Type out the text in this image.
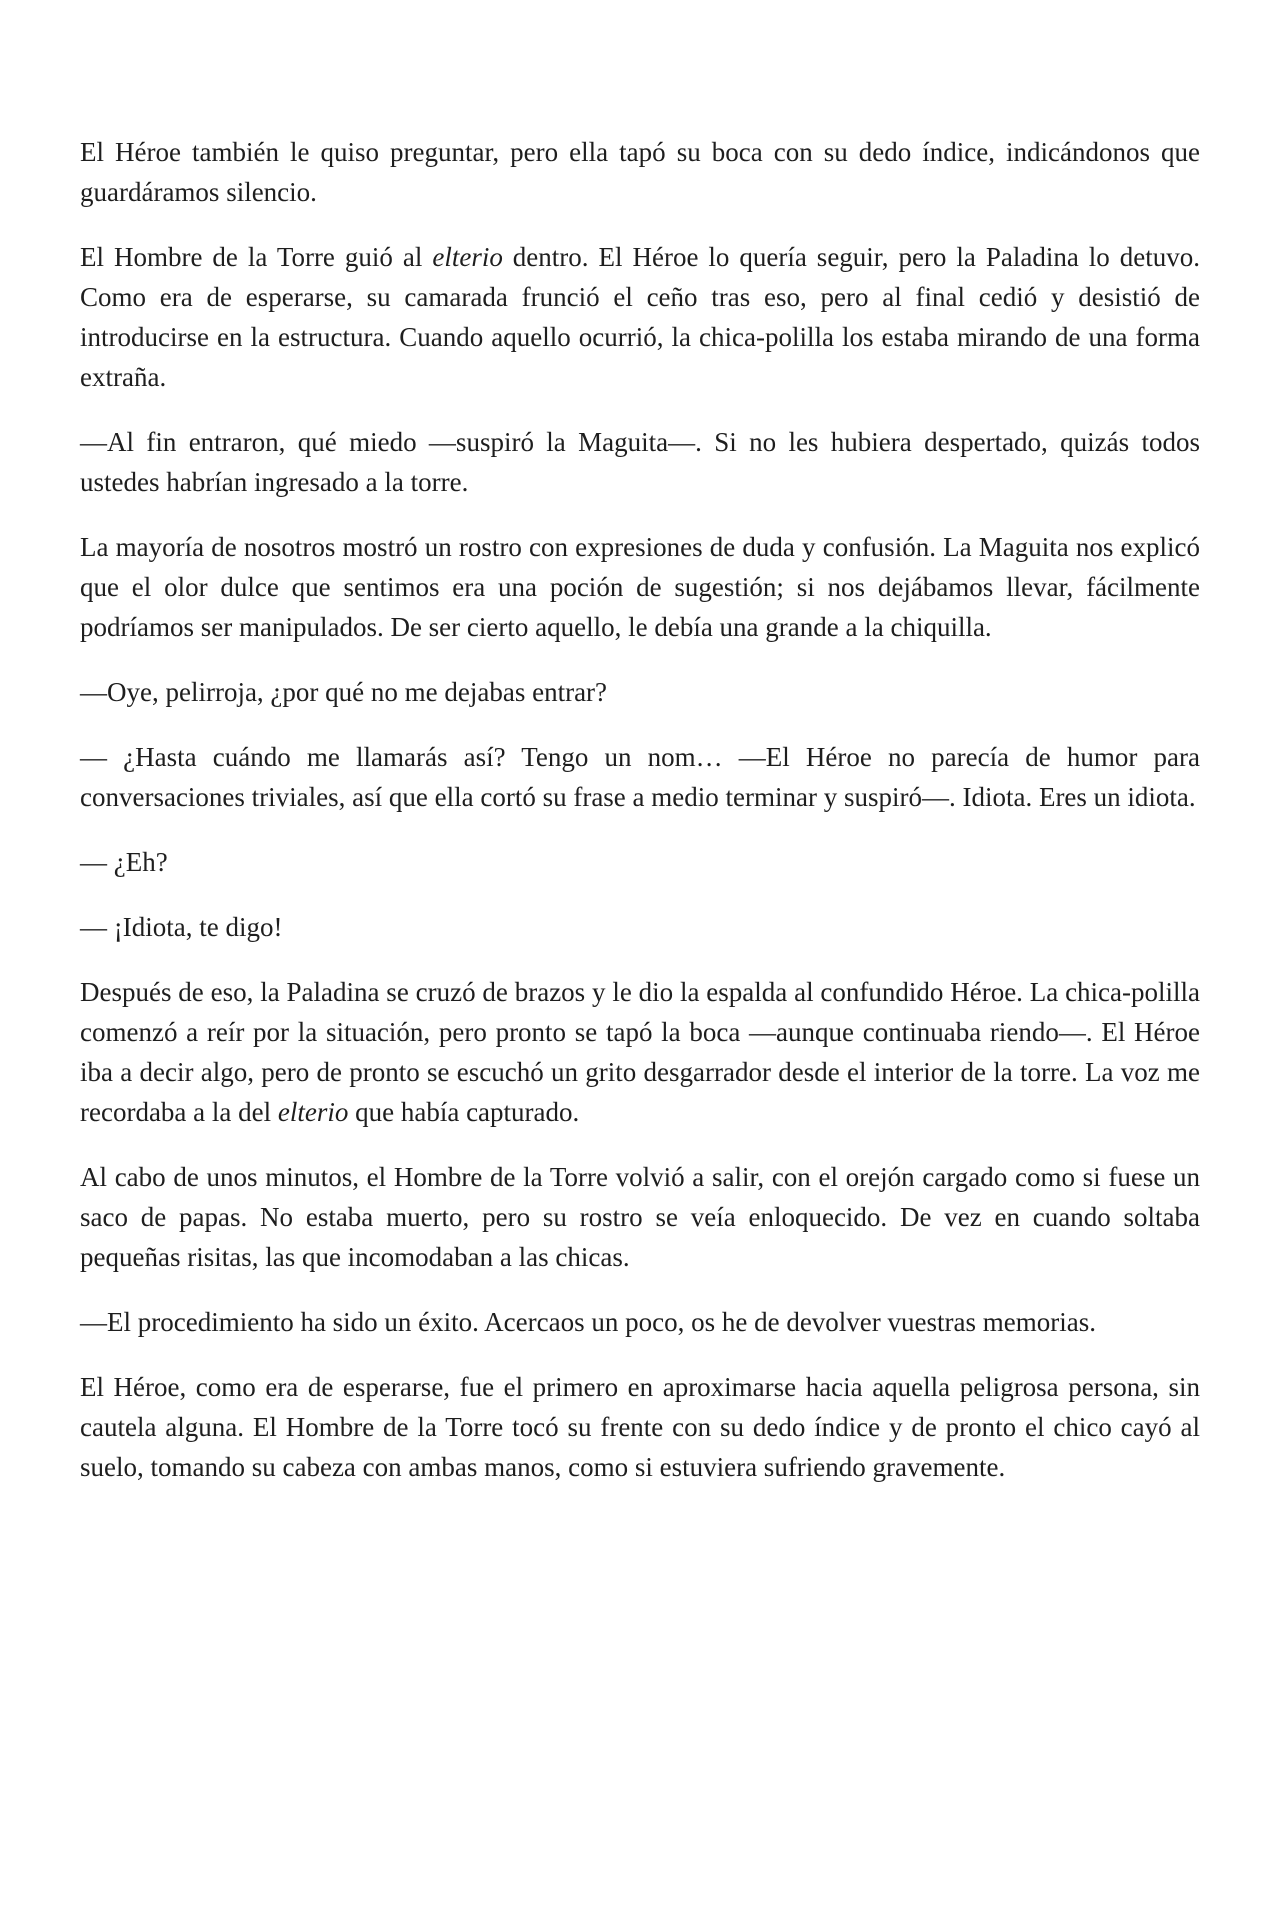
El Héroe también le quiso preguntar, pero ella tapó su boca con su dedo índice, indicándonos que guardáramos silencio.

El Hombre de la Torre guió al elterio dentro. El Héroe lo quería seguir, pero la Paladina lo detuvo. Como era de esperarse, su camarada frunció el ceño tras eso, pero al final cedió y desistió de introducirse en la estructura. Cuando aquello ocurrió, la chica-polilla los estaba mirando de una forma extraña.

—Al fin entraron, qué miedo —suspiró la Maguita—. Si no les hubiera despertado, quizás todos ustedes habrían ingresado a la torre.

La mayoría de nosotros mostró un rostro con expresiones de duda y confusión. La Maguita nos explicó que el olor dulce que sentimos era una poción de sugestión; si nos dejábamos llevar, fácilmente podríamos ser manipulados. De ser cierto aquello, le debía una grande a la chiquilla.

—Oye, pelirroja, ¿por qué no me dejabas entrar?

— ¿Hasta cuándo me llamarás así? Tengo un nom… —El Héroe no parecía de humor para conversaciones triviales, así que ella cortó su frase a medio terminar y suspiró—. Idiota. Eres un idiota.

— ¿Eh?

— ¡Idiota, te digo!

Después de eso, la Paladina se cruzó de brazos y le dio la espalda al confundido Héroe. La chica-polilla comenzó a reír por la situación, pero pronto se tapó la boca —aunque continuaba riendo—. El Héroe iba a decir algo, pero de pronto se escuchó un grito desgarrador desde el interior de la torre. La voz me recordaba a la del elterio que había capturado.

Al cabo de unos minutos, el Hombre de la Torre volvió a salir, con el orejón cargado como si fuese un saco de papas. No estaba muerto, pero su rostro se veía enloquecido. De vez en cuando soltaba pequeñas risitas, las que incomodaban a las chicas.

—El procedimiento ha sido un éxito. Acercaos un poco, os he de devolver vuestras memorias.

El Héroe, como era de esperarse, fue el primero en aproximarse hacia aquella peligrosa persona, sin cautela alguna. El Hombre de la Torre tocó su frente con su dedo índice y de pronto el chico cayó al suelo, tomando su cabeza con ambas manos, como si estuviera sufriendo gravemente.
